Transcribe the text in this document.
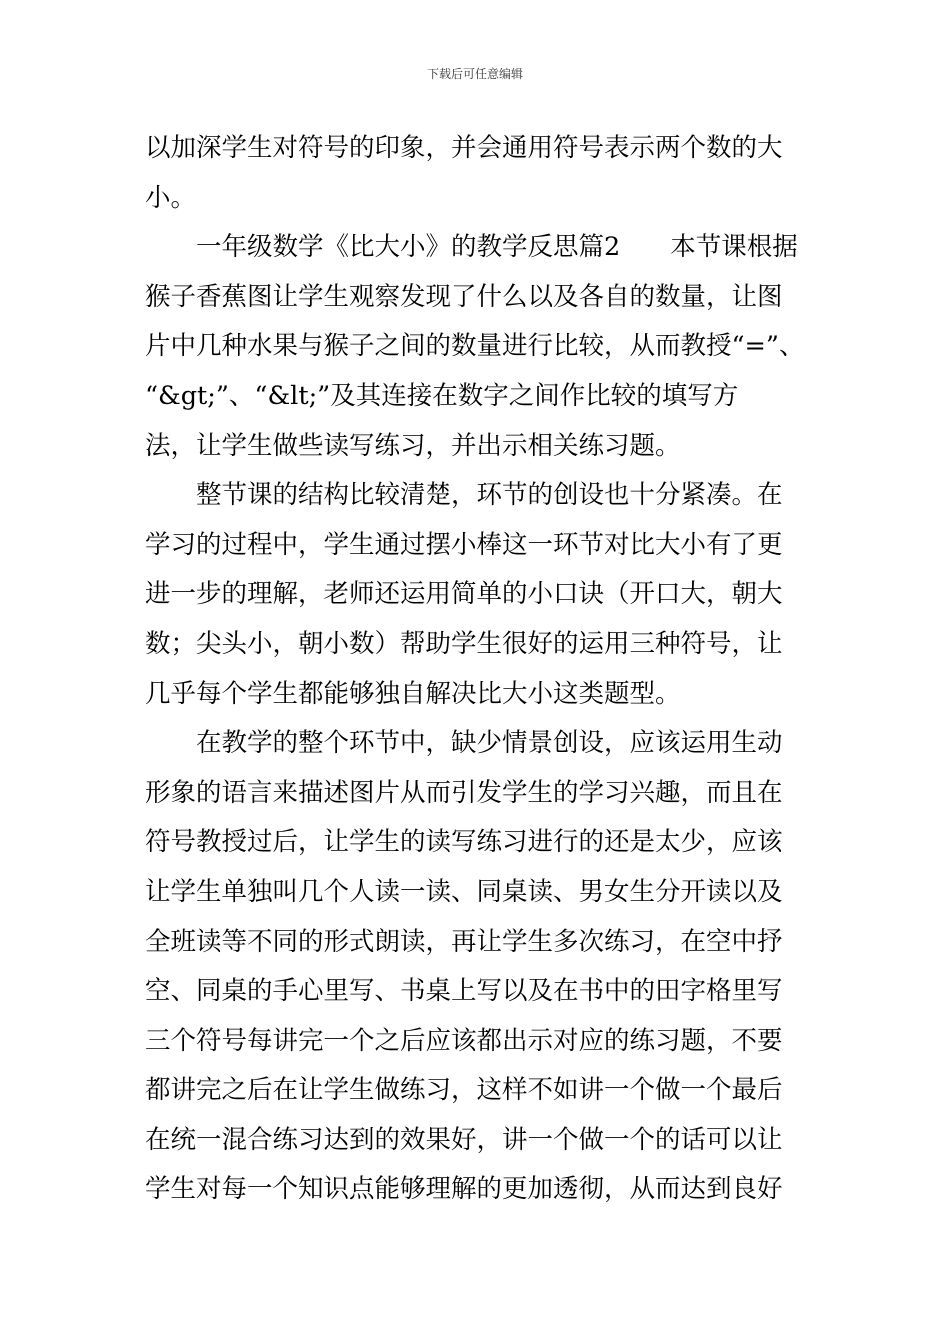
下载后可任意编辑

以加深学生对符号的印象，并会通用符号表示两个数的大

小。

一年级数学《比大小》的教学反思篇2 本节课根据

猴子香蕉图让学生观察发现了什么以及各自的数量，让图

片中几种水果与猴子之间的数量进行比较，从而教授“=”、

“&gt;”、“&lt;”及其连接在数字之间作比较的填写方

法，让学生做些读写练习，并出示相关练习题。

整节课的结构比较清楚，环节的创设也十分紧凑。在

学习的过程中，学生通过摆小棒这一环节对比大小有了更

进一步的理解，老师还运用简单的小口诀（开口大，朝大

数；尖头小，朝小数）帮助学生很好的运用三种符号，让

几乎每个学生都能够独自解决比大小这类题型。

在教学的整个环节中，缺少情景创设，应该运用生动

形象的语言来描述图片从而引发学生的学习兴趣，而且在

符号教授过后，让学生的读写练习进行的还是太少，应该

让学生单独叫几个人读一读、同桌读、男女生分开读以及

全班读等不同的形式朗读，再让学生多次练习，在空中抒

空、同桌的手心里写、书桌上写以及在书中的田字格里写

三个符号每讲完一个之后应该都出示对应的练习题，不要

都讲完之后在让学生做练习，这样不如讲一个做一个最后

在统一混合练习达到的效果好，讲一个做一个的话可以让

学生对每一个知识点能够理解的更加透彻，从而达到良好
